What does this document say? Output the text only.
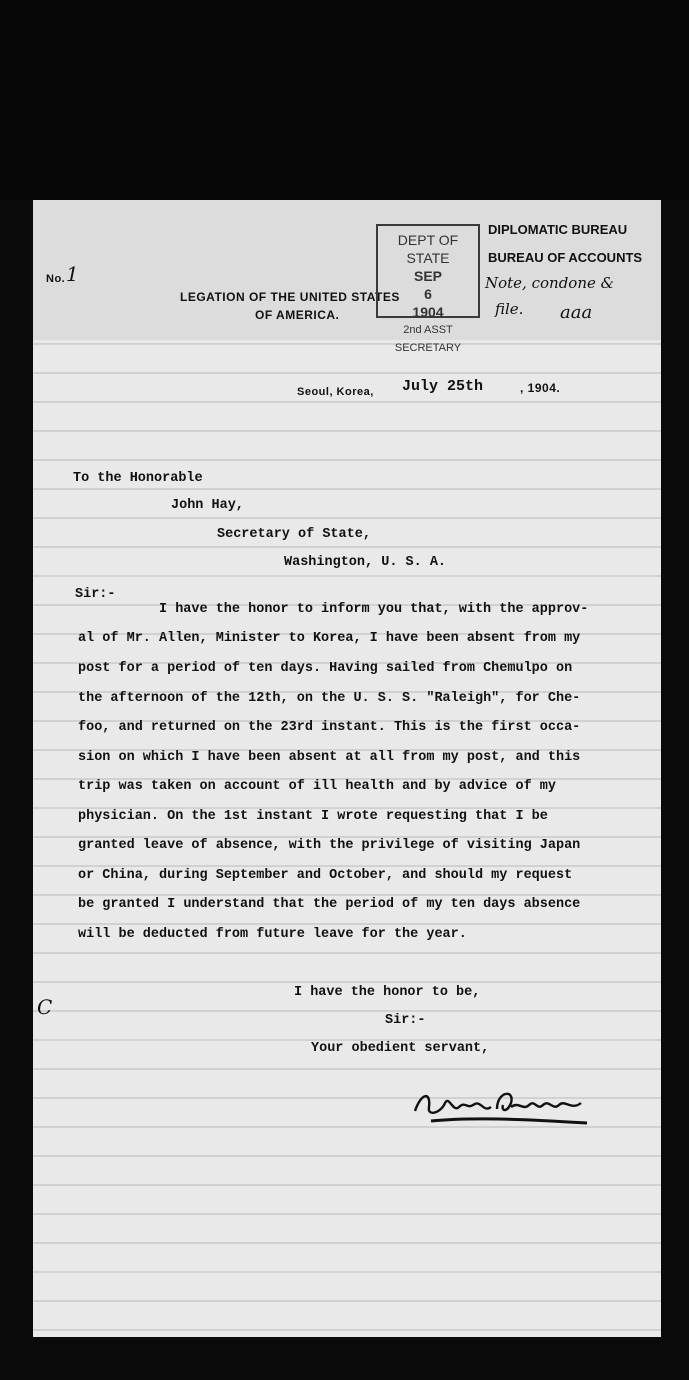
No. 1
LEGATION OF THE UNITED STATES
OF AMERICA.
DEPT OF STATE
SEP
6
1904
2nd ASST SECRETARY
DIPLOMATIC BUREAU
BUREAU OF ACCOUNTS
Note, condone &
file. aaa
Seoul, Korea, July 25th	, 1904.
To the Honorable
John Hay,
Secretary of State,
Washington, U. S. A.
Sir:-
I have the honor to inform you that, with the approv-
al of Mr. Allen, Minister to Korea, I have been absent from my
post for a period of ten days. Having sailed from Chemulpo on
the afternoon of the 12th, on the U. S. S. "Raleigh", for Che-
foo, and returned on the 23rd instant. This is the first occa-
sion on which I have been absent at all from my post, and this
trip was taken on account of ill health and by advice of my
physician. On the 1st instant I wrote requesting that I be
granted leave of absence, with the privilege of visiting Japan
or China, during September and October, and should my request
be granted I understand that the period of my ten days absence
will be deducted from future leave for the year.
I have the honor to be,
Sir:-
Your obedient servant,
C
